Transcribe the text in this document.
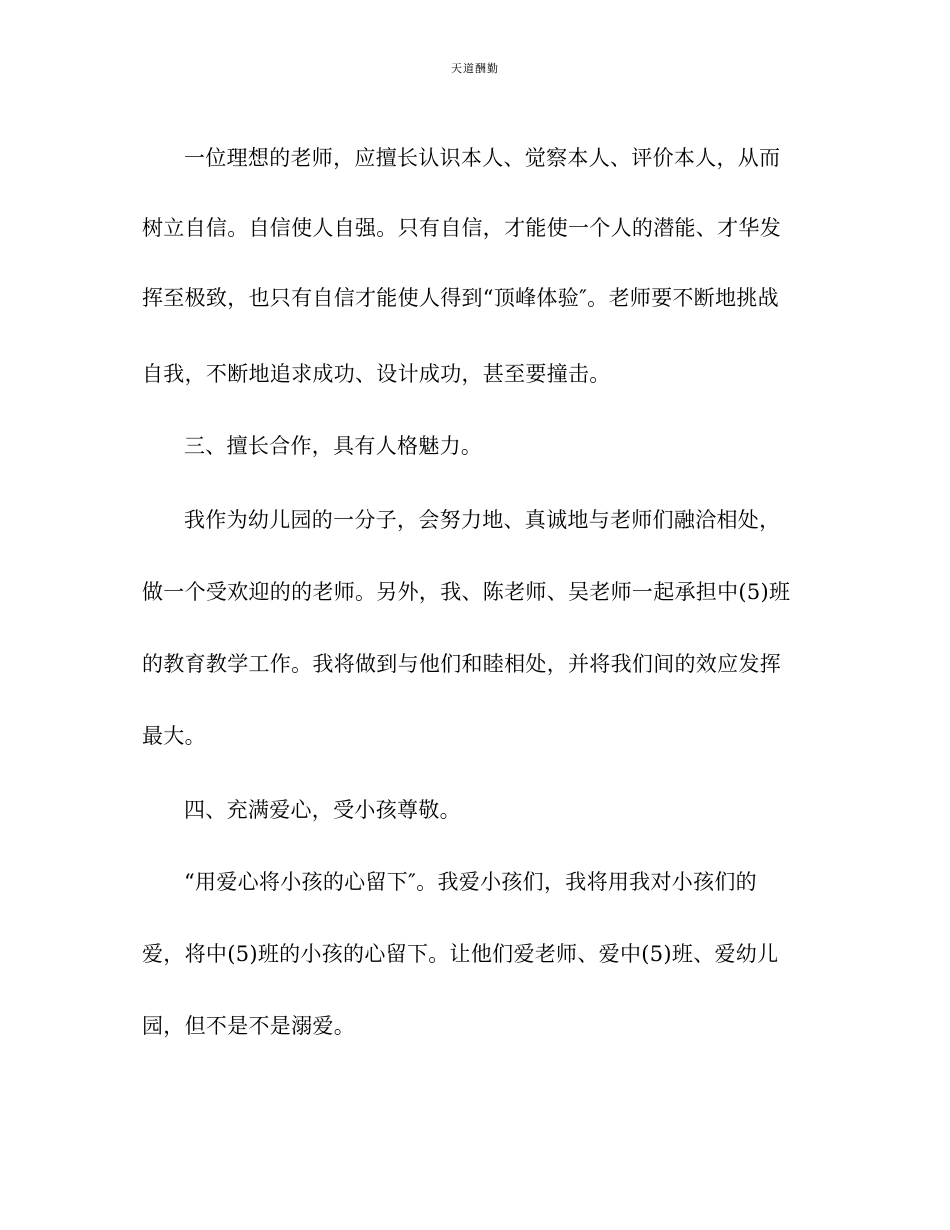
天道酬勤
一位理想的老师，应擅长认识本人、觉察本人、评价本人，从而
树立自信。自信使人自强。只有自信，才能使一个人的潜能、才华发
挥至极致，也只有自信才能使人得到“顶峰体验″。老师要不断地挑战
自我，不断地追求成功、设计成功，甚至要撞击。
三、擅长合作，具有人格魅力。
我作为幼儿园的一分子，会努力地、真诚地与老师们融洽相处，
做一个受欢迎的的老师。另外，我、陈老师、吴老师一起承担中(5)班
的教育教学工作。我将做到与他们和睦相处，并将我们间的效应发挥
最大。
四、充满爱心，受小孩尊敬。
“用爱心将小孩的心留下″。我爱小孩们，我将用我对小孩们的
爱，将中(5)班的小孩的心留下。让他们爱老师、爱中(5)班、爱幼儿
园，但不是不是溺爱。
